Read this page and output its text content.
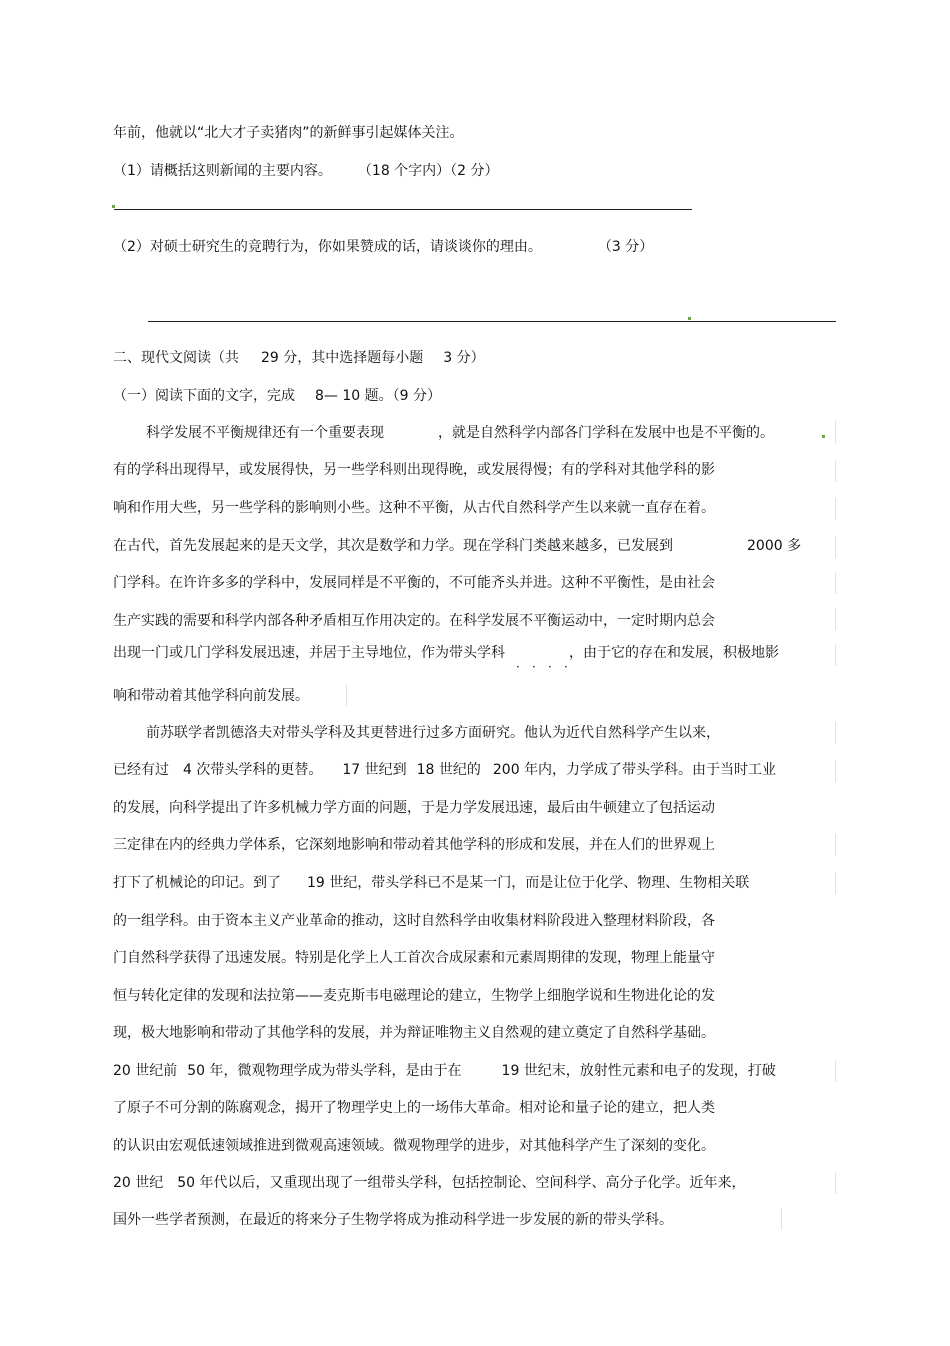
年前，他就以“北大才子卖猪肉”的新鲜事引起媒体关注。
（1）请概括这则新闻的主要内容。 （18 个字内）（2 分）
（2）对硕士研究生的竞聘行为，你如果赞成的话，请谈谈你的理由。	（3 分）
二、现代文阅读（共 29 分，其中选择题每小题 3 分）
（一）阅读下面的文字，完成 8— 10 题。（9 分）
科学发展不平衡规律还有一个重要表现	，就是自然科学内部各门学科在发展中也是不平衡的。
有的学科出现得早，或发展得快，另一些学科则出现得晚，或发展得慢；有的学科对其他学科的影
响和作用大些，另一些学科的影响则小些。这种不平衡，从古代自然科学产生以来就一直存在着。
在古代，首先发展起来的是天文学，其次是数学和力学。现在学科门类越来越多，已发展到	2000 多
门学科。在许许多多的学科中，发展同样是不平衡的，不可能齐头并进。这种不平衡性，是由社会
生产实践的需要和科学内部各种矛盾相互作用决定的。在科学发展不平衡运动中，一定时期内总会
出现一门或几门学科发展迅速，并居于主导地位，作为带头学科	，由于它的存在和发展，积极地影
．．．．
响和带动着其他学科向前发展。
前苏联学者凯德洛夫对带头学科及其更替进行过多方面研究。他认为近代自然科学产生以来，
已经有过 4 次带头学科的更替。 17 世纪到 18 世纪的 200 年内，力学成了带头学科。由于当时工业
的发展，向科学提出了许多机械力学方面的问题，于是力学发展迅速，最后由牛顿建立了包括运动
三定律在内的经典力学体系，它深刻地影响和带动着其他学科的形成和发展，并在人们的世界观上
打下了机械论的印记。到了 19 世纪，带头学科已不是某一门，而是让位于化学、物理、生物相关联
的一组学科。由于资本主义产业革命的推动，这时自然科学由收集材料阶段进入整理材料阶段，各
门自然科学获得了迅速发展。特别是化学上人工首次合成尿素和元素周期律的发现，物理上能量守
恒与转化定律的发现和法拉第——麦克斯韦电磁理论的建立，生物学上细胞学说和生物进化论的发
现，极大地影响和带动了其他学科的发展，并为辩证唯物主义自然观的建立奠定了自然科学基础。
20 世纪前 50 年，微观物理学成为带头学科，是由于在	19 世纪末，放射性元素和电子的发现，打破
了原子不可分割的陈腐观念，揭开了物理学史上的一场伟大革命。相对论和量子论的建立，把人类
的认识由宏观低速领域推进到微观高速领域。微观物理学的进步，对其他科学产生了深刻的变化。
20 世纪 50 年代以后，又重现出现了一组带头学科，包括控制论、空间科学、高分子化学。近年来，
国外一些学者预测，在最近的将来分子生物学将成为推动科学进一步发展的新的带头学科。
